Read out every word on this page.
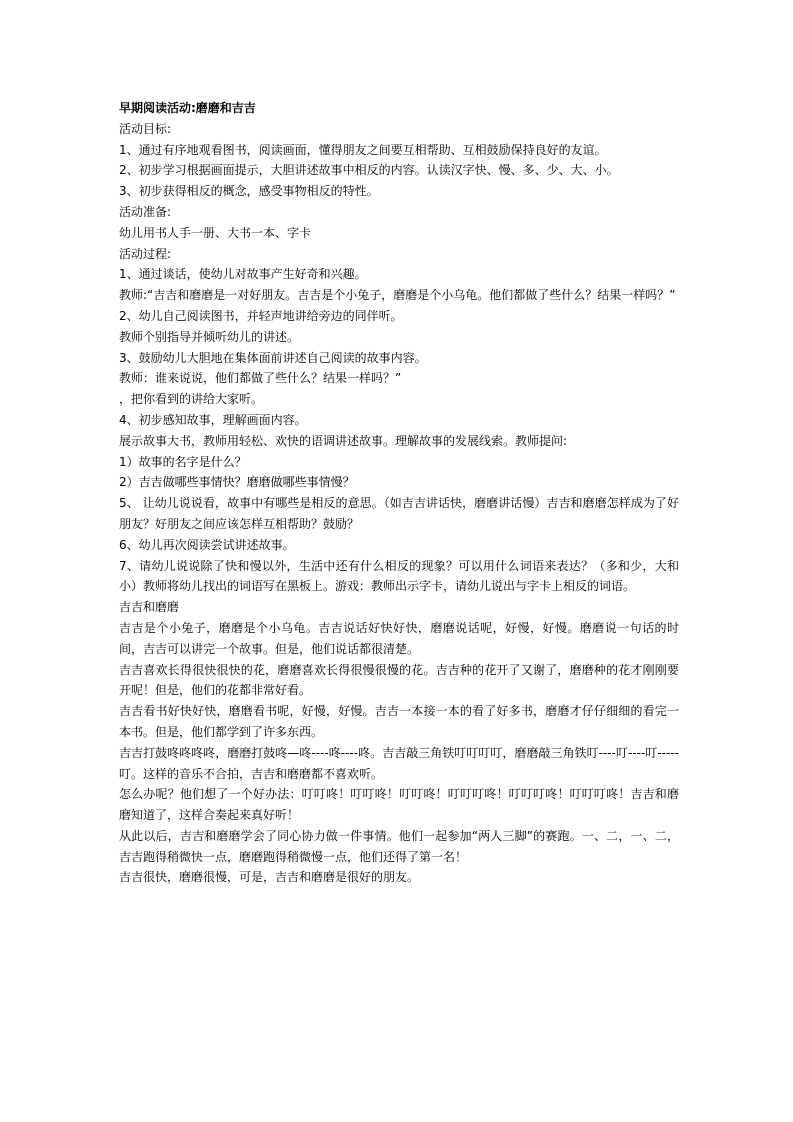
早期阅读活动:磨磨和吉吉

活动目标:

1、通过有序地观看图书，阅读画面，懂得朋友之间要互相帮助、互相鼓励保持良好的友谊。

2、初步学习根据画面提示，大胆讲述故事中相反的内容。认读汉字快、慢、多、少、大、小。

3、初步获得相反的概念，感受事物相反的特性。

活动准备:

幼儿用书人手一册、大书一本、字卡

活动过程:

1、通过谈话，使幼儿对故事产生好奇和兴趣。

教师:“吉吉和磨磨是一对好朋友。吉吉是个小兔子，磨磨是个小乌龟。他们都做了些什么？结果一样吗？”

2、幼儿自己阅读图书，并轻声地讲给旁边的同伴听。

教师个别指导并倾听幼儿的讲述。

3、鼓励幼儿大胆地在集体面前讲述自己阅读的故事内容。

教师：谁来说说，他们都做了些什么？结果一样吗？”

，把你看到的讲给大家听。

4、初步感知故事，理解画面内容。

展示故事大书，教师用轻松、欢快的语调讲述故事。理解故事的发展线索。教师提问:

1）故事的名字是什么？

2）吉吉做哪些事情快？磨磨做哪些事情慢？

5、 让幼儿说说看，故事中有哪些是相反的意思。（如吉吉讲话快，磨磨讲话慢）吉吉和磨磨怎样成为了好朋友？好朋友之间应该怎样互相帮助？鼓励？

6、幼儿再次阅读尝试讲述故事。

7、请幼儿说说除了快和慢以外，生活中还有什么相反的现象？可以用什么词语来表达？（多和少，大和小）教师将幼儿找出的词语写在黑板上。游戏：教师出示字卡，请幼儿说出与字卡上相反的词语。

吉吉和磨磨

吉吉是个小兔子，磨磨是个小乌龟。吉吉说话好快好快，磨磨说话呢，好慢，好慢。磨磨说一句话的时间，吉吉可以讲完一个故事。但是，他们说话都很清楚。

吉吉喜欢长得很快很快的花，磨磨喜欢长得很慢很慢的花。吉吉种的花开了又谢了，磨磨种的花才刚刚要开呢！但是，他们的花都非常好看。

吉吉看书好快好快，磨磨看书呢，好慢，好慢。吉吉一本接一本的看了好多书，磨磨才仔仔细细的看完一本书。但是，他们都学到了许多东西。

吉吉打鼓咚咚咚咚，磨磨打鼓咚—咚----咚----咚。吉吉敲三角铁叮叮叮叮，磨磨敲三角铁叮----叮----叮-----叮。这样的音乐不合拍，吉吉和磨磨都不喜欢听。

怎么办呢？他们想了一个好办法：叮叮咚！叮叮咚！叮叮咚！叮叮叮咚！叮叮叮咚！叮叮叮咚！吉吉和磨磨知道了，这样合奏起来真好听！

从此以后，吉吉和磨磨学会了同心协力做一件事情。他们一起参加“两人三脚”的赛跑。一、二，一、二，吉吉跑得稍微快一点，磨磨跑得稍微慢一点，他们还得了第一名！

吉吉很快，磨磨很慢，可是，吉吉和磨磨是很好的朋友。
